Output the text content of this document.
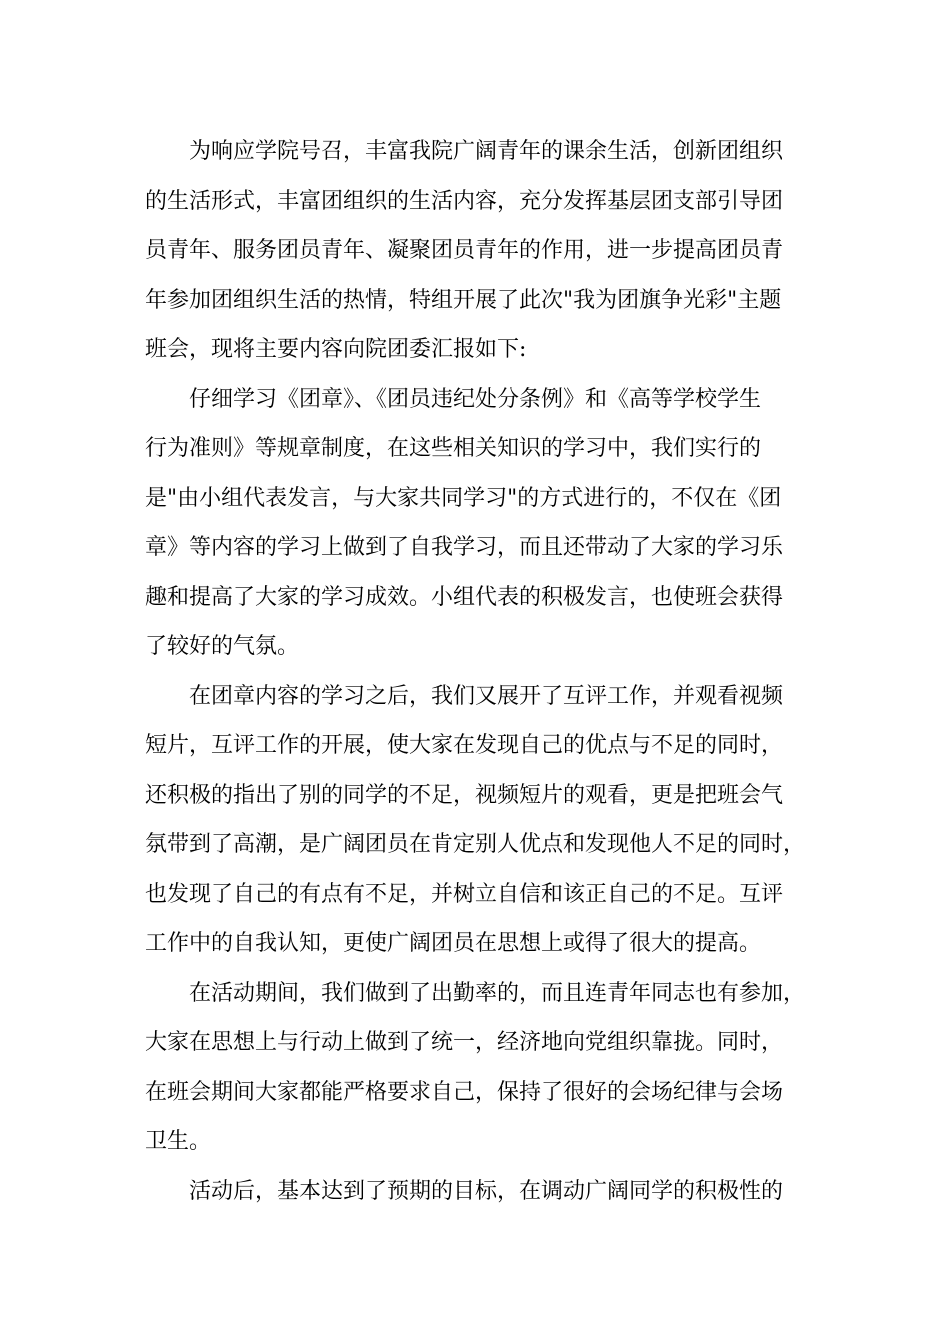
为响应学院号召，丰富我院广阔青年的课余生活，创新团组织
的生活形式，丰富团组织的生活内容，充分发挥基层团支部引导团
员青年、服务团员青年、凝聚团员青年的作用，进一步提高团员青
年参加团组织生活的热情，特组开展了此次"我为团旗争光彩"主题
班会，现将主要内容向院团委汇报如下:
仔细学习《团章》、《团员违纪处分条例》和《高等学校学生
行为准则》等规章制度，在这些相关知识的学习中，我们实行的
是"由小组代表发言，与大家共同学习"的方式进行的，不仅在《团
章》等内容的学习上做到了自我学习，而且还带动了大家的学习乐
趣和提高了大家的学习成效。小组代表的积极发言，也使班会获得
了较好的气氛。
在团章内容的学习之后，我们又展开了互评工作，并观看视频
短片，互评工作的开展，使大家在发现自己的优点与不足的同时，
还积极的指出了别的同学的不足，视频短片的观看，更是把班会气
氛带到了高潮，是广阔团员在肯定别人优点和发现他人不足的同时，
也发现了自己的有点有不足，并树立自信和该正自己的不足。互评
工作中的自我认知，更使广阔团员在思想上或得了很大的提高。
在活动期间，我们做到了出勤率的，而且连青年同志也有参加，
大家在思想上与行动上做到了统一，经济地向党组织靠拢。同时，
在班会期间大家都能严格要求自己，保持了很好的会场纪律与会场
卫生。
活动后，基本达到了预期的目标，在调动广阔同学的积极性的
